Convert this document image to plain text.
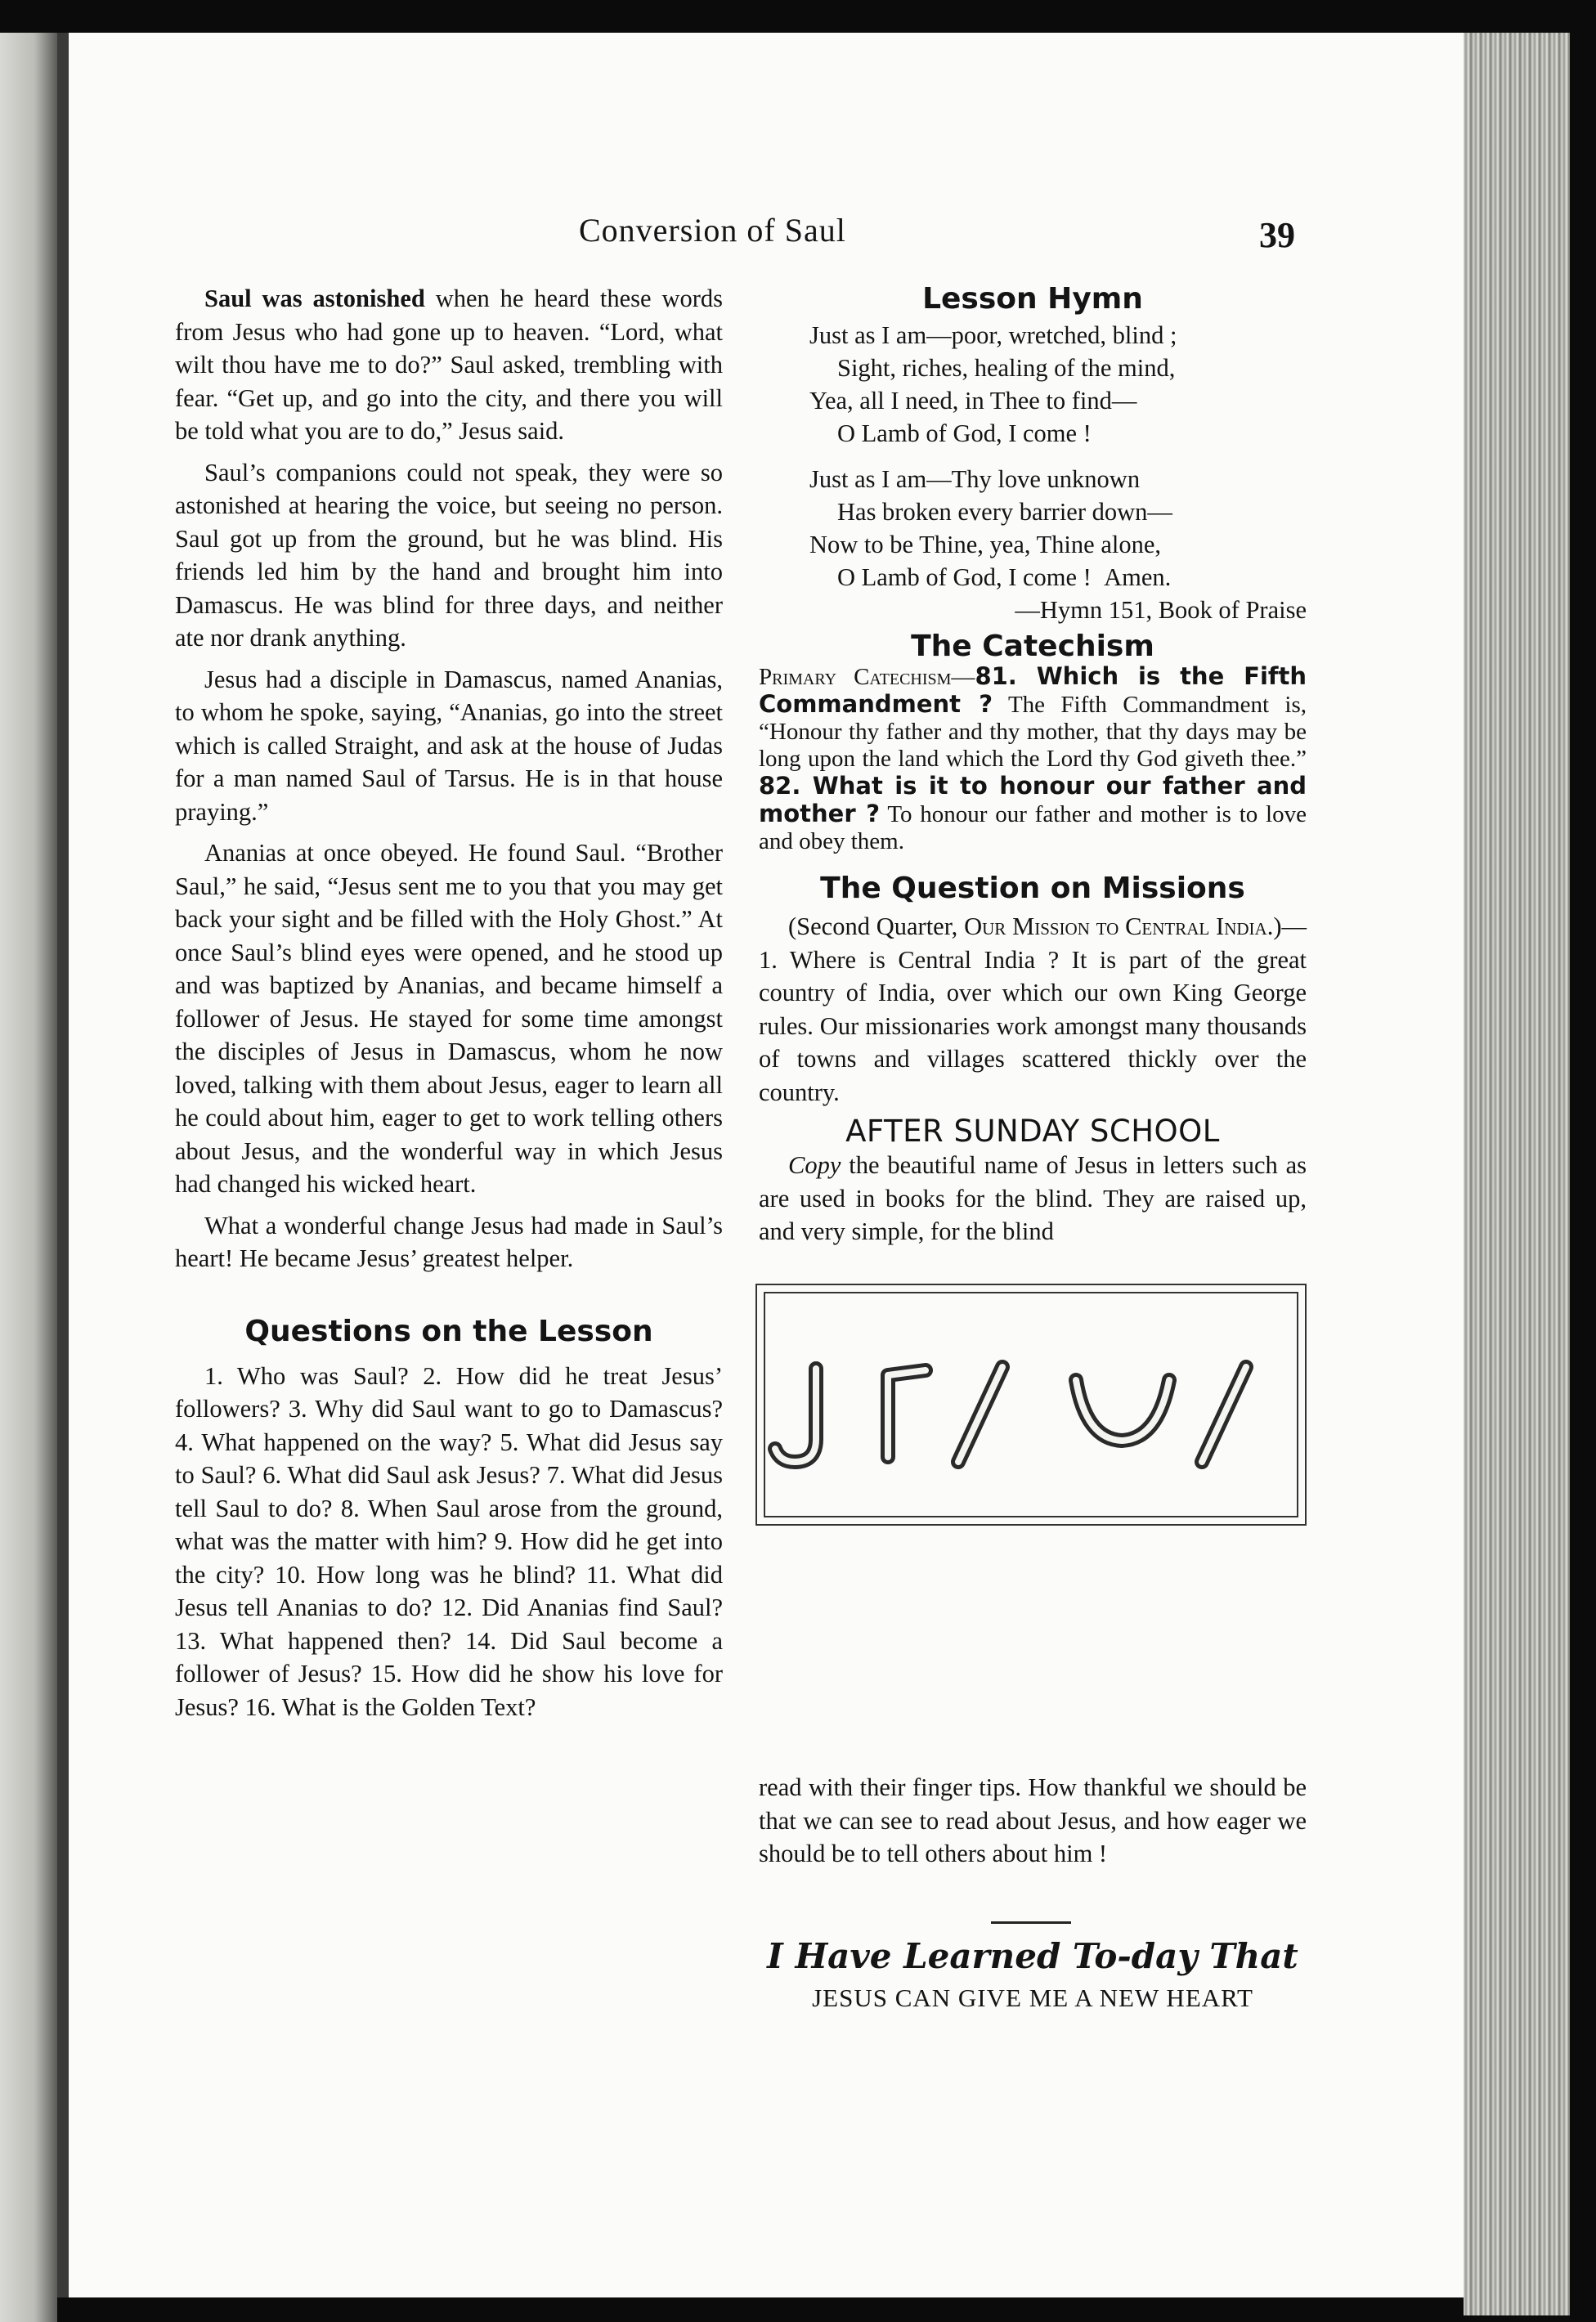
Conversion of Saul	39

Saul was astonished when he heard these words from Jesus who had gone up to heaven. “Lord, what wilt thou have me to do?” Saul asked, trembling with fear. “Get up, and go into the city, and there you will be told what you are to do,” Jesus said.

Saul’s companions could not speak, they were so astonished at hearing the voice, but seeing no person. Saul got up from the ground, but he was blind. His friends led him by the hand and brought him into Damascus. He was blind for three days, and neither ate nor drank anything.

Jesus had a disciple in Damascus, named Ananias, to whom he spoke, saying, “Ananias, go into the street which is called Straight, and ask at the house of Judas for a man named Saul of Tarsus. He is in that house praying.”

Ananias at once obeyed. He found Saul. “Brother Saul,” he said, “Jesus sent me to you that you may get back your sight and be filled with the Holy Ghost.” At once Saul’s blind eyes were opened, and he stood up and was baptized by Ananias, and became himself a follower of Jesus. He stayed for some time amongst the disciples of Jesus in Damascus, whom he now loved, talking with them about Jesus, eager to learn all he could about him, eager to get to work telling others about Jesus, and the wonderful way in which Jesus had changed his wicked heart.

What a wonderful change Jesus had made in Saul’s heart! He became Jesus’ greatest helper.

Questions on the Lesson

1. Who was Saul? 2. How did he treat Jesus’ followers? 3. Why did Saul want to go to Damascus? 4. What happened on the way? 5. What did Jesus say to Saul? 6. What did Saul ask Jesus? 7. What did Jesus tell Saul to do? 8. When Saul arose from the ground, what was the matter with him? 9. How did he get into the city? 10. How long was he blind? 11. What did Jesus tell Ananias to do? 12. Did Ananias find Saul? 13. What happened then? 14. Did Saul become a follower of Jesus? 15. How did he show his love for Jesus? 16. What is the Golden Text?

Lesson Hymn

Just as I am—poor, wretched, blind ;

Sight, riches, healing of the mind,

Yea, all I need, in Thee to find—

O Lamb of God, I come !

Just as I am—Thy love unknown

Has broken every barrier down—

Now to be Thine, yea, Thine alone,

O Lamb of God, I come !  Amen.

—Hymn 151, Book of Praise

The Catechism

Primary Catechism—81. Which is the Fifth Commandment ? The Fifth Commandment is, “Honour thy father and thy mother, that thy days may be long upon the land which the Lord thy God giveth thee.” 82. What is it to honour our father and mother ? To honour our father and mother is to love and obey them.

The Question on Missions

(Second Quarter, Our Mission to Central India.)—1. Where is Central India ? It is part of the great country of India, over which our own King George rules. Our missionaries work amongst many thousands of towns and villages scattered thickly over the country.

AFTER SUNDAY SCHOOL

Copy the beautiful name of Jesus in letters such as are used in books for the blind. They are raised up, and very simple, for the blind

read with their finger tips. How thankful we should be that we can see to read about Jesus, and how eager we should be to tell others about him !

I Have Learned To-day That
JESUS CAN GIVE ME A NEW HEART
